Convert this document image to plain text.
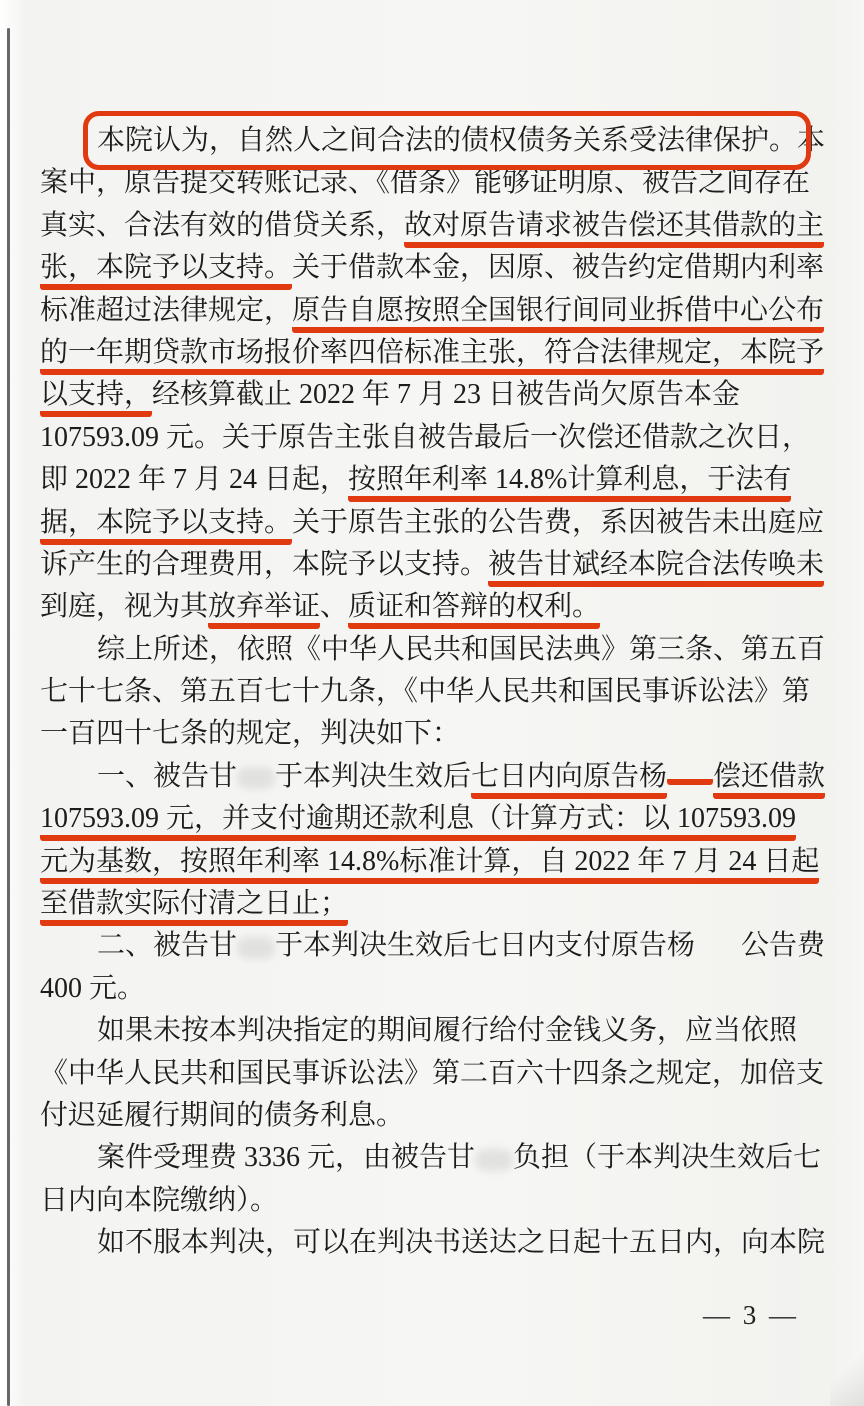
本院认为，自然人之间合法的债权债务关系受法律保护。本
案中，原告提交转账记录、《借条》能够证明原、被告之间存在
真实、合法有效的借贷关系，故对原告请求被告偿还其借款的主
张，本院予以支持。关于借款本金，因原、被告约定借期内利率
标准超过法律规定，原告自愿按照全国银行间同业拆借中心公布
的一年期贷款市场报价率四倍标准主张，符合法律规定，本院予
以支持，经核算截止 2022 年 7 月 23 日被告尚欠原告本金
107593.09 元。关于原告主张自被告最后一次偿还借款之次日，
即 2022 年 7 月 24 日起，按照年利率 14.8%计算利息，于法有
据，本院予以支持。关于原告主张的公告费，系因被告未出庭应
诉产生的合理费用，本院予以支持。被告甘斌经本院合法传唤未
到庭，视为其放弃举证、质证和答辩的权利。
综上所述，依照《中华人民共和国民法典》第三条、第五百
七十七条、第五百七十九条，《中华人民共和国民事诉讼法》第
一百四十七条的规定，判决如下：
一、被告甘 于本判决生效后七日内向原告杨 偿还借款
107593.09 元，并支付逾期还款利息（计算方式：以 107593.09
元为基数，按照年利率 14.8%标准计算，自 2022 年 7 月 24 日起
至借款实际付清之日止；
二、被告甘 于本判决生效后七日内支付原告杨 公告费
400 元。
如果未按本判决指定的期间履行给付金钱义务，应当依照
《中华人民共和国民事诉讼法》第二百六十四条之规定，加倍支
付迟延履行期间的债务利息。
案件受理费 3336 元，由被告甘 负担（于本判决生效后七
日内向本院缴纳）。
如不服本判决，可以在判决书送达之日起十五日内，向本院
— 3 —
